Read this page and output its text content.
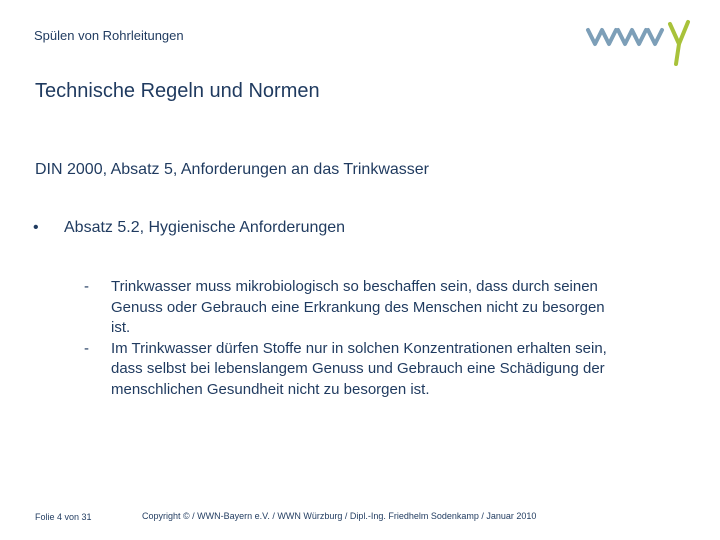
Spülen von Rohrleitungen
Technische Regeln und Normen
DIN 2000, Absatz 5, Anforderungen an das Trinkwasser
• Absatz 5.2, Hygienische Anforderungen
- Trinkwasser muss mikrobiologisch so beschaffen sein, dass durch seinen Genuss oder Gebrauch eine Erkrankung des Menschen nicht zu besorgen ist.
- Im Trinkwasser dürfen Stoffe nur in solchen Konzentrationen erhalten sein, dass selbst bei lebenslangem Genuss und Gebrauch eine Schädigung der menschlichen Gesundheit nicht zu besorgen ist.
Folie 4 von 31	Copyright © / WWN-Bayern e.V. / WWN Würzburg / Dipl.-Ing. Friedhelm Sodenkamp / Januar 2010
